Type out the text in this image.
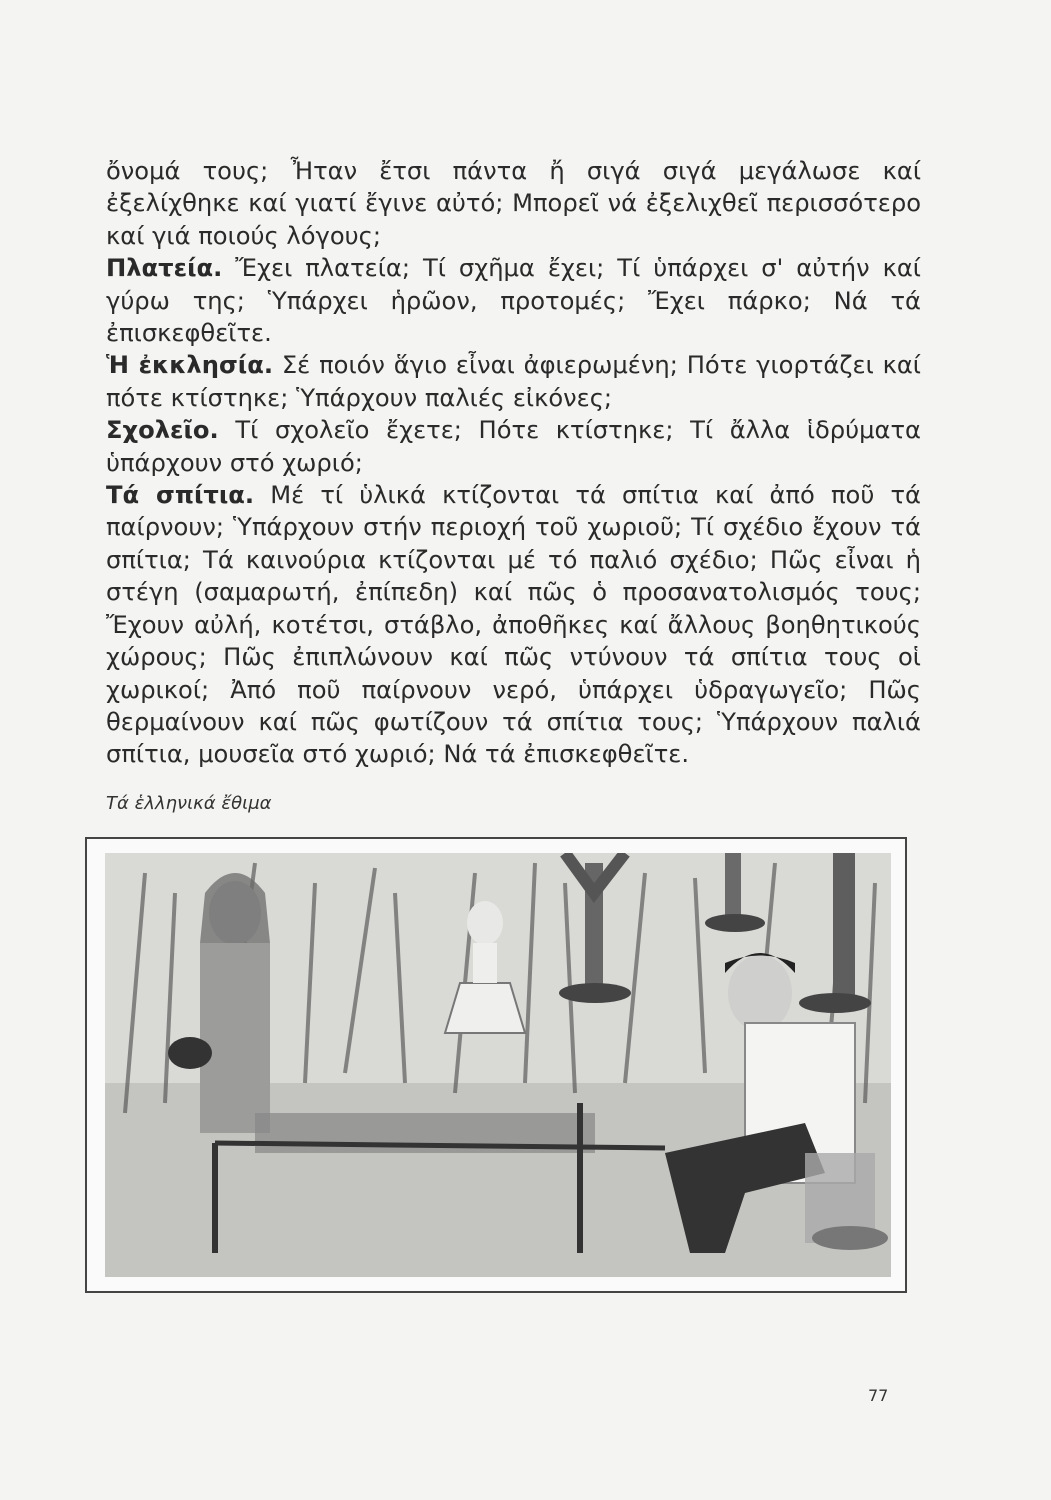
ὄνομά τους; Ἦταν ἔτσι πάντα ἤ σιγά σιγά μεγάλωσε καί ἐξελίχθηκε καί γιατί ἔγινε αὐτό; Μπορεῖ νά ἐξελιχθεῖ περισσότερο καί γιά ποιούς λόγους;

Πλατεία. Ἔχει πλατεία; Τί σχῆμα ἔχει; Τί ὑπάρχει σ' αὐτήν καί γύρω της; Ὑπάρχει ἡρῶον, προτομές; Ἔχει πάρκο; Νά τά ἐπισκεφθεῖτε.

Ἡ ἐκκλησία. Σέ ποιόν ἅγιο εἶναι ἀφιερωμένη; Πότε γιορτάζει καί πότε κτίστηκε; Ὑπάρχουν παλιές εἰκόνες;

Σχολεῖο. Τί σχολεῖο ἔχετε; Πότε κτίστηκε; Τί ἄλλα ἱδρύματα ὑπάρχουν στό χωριό;

Τά σπίτια. Μέ τί ὑλικά κτίζονται τά σπίτια καί ἀπό ποῦ τά παίρνουν; Ὑπάρχουν στήν περιοχή τοῦ χωριοῦ; Τί σχέδιο ἔχουν τά σπίτια; Τά καινούρια κτίζονται μέ τό παλιό σχέδιο; Πῶς εἶναι ἡ στέγη (σαμαρωτή, ἐπίπεδη) καί πῶς ὁ προσανατολισμός τους; Ἔχουν αὐλή, κοτέτσι, στάβλο, ἀποθῆκες καί ἄλλους βοηθητικούς χώρους; Πῶς ἐπιπλώνουν καί πῶς ντύνουν τά σπίτια τους οἱ χωρικοί; Ἀπό ποῦ παίρνουν νερό, ὑπάρχει ὑδραγωγεῖο; Πῶς θερμαίνουν καί πῶς φωτίζουν τά σπίτια τους; Ὑπάρχουν παλιά σπίτια, μουσεῖα στό χωριό; Νά τά ἐπισκεφθεῖτε.

Τά ἑλληνικά ἔθιμα
77
